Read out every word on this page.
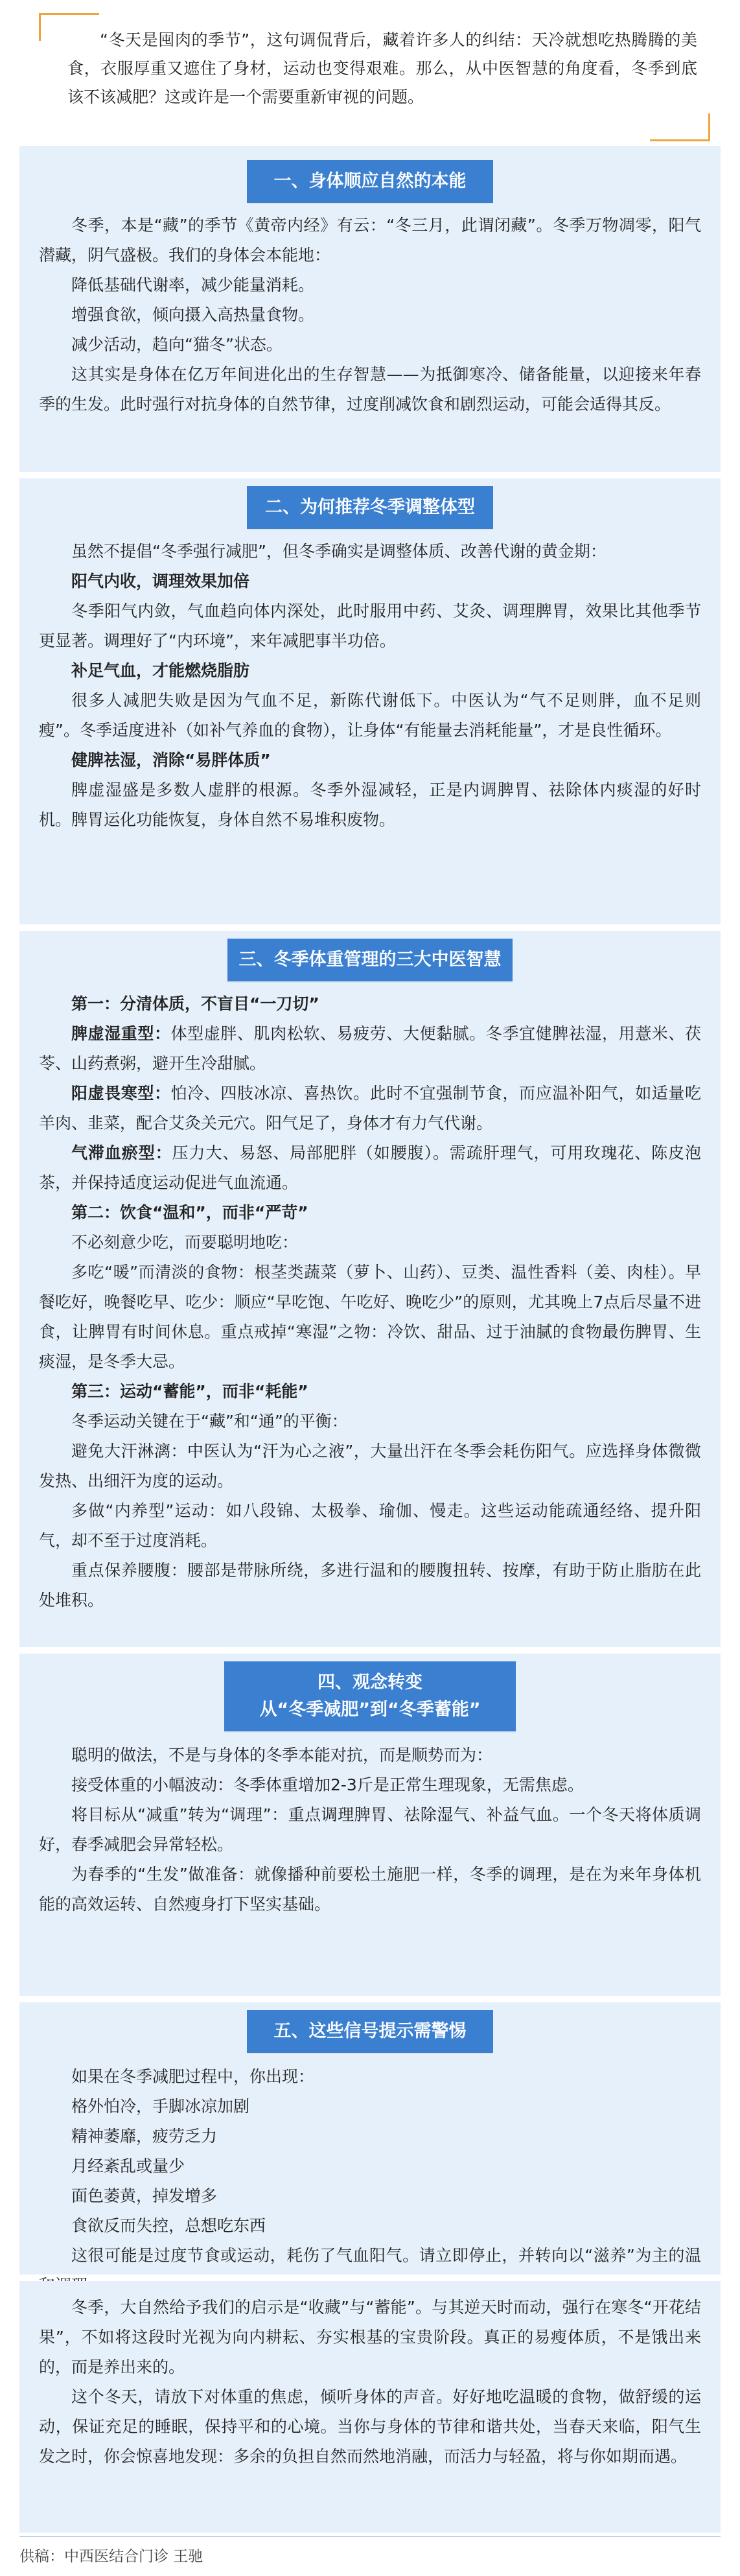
“冬天是囤肉的季节”，这句调侃背后，藏着许多人的纠结：天冷就想吃热腾腾的美食，衣服厚重又遮住了身材，运动也变得艰难。那么，从中医智慧的角度看，冬季到底该不该减肥？这或许是一个需要重新审视的问题。

一、身体顺应自然的本能

冬季，本是“藏”的季节《黄帝内经》有云：“冬三月，此谓闭藏”。冬季万物凋零，阳气潜藏，阴气盛极。我们的身体会本能地：

降低基础代谢率，减少能量消耗。

增强食欲，倾向摄入高热量食物。

减少活动，趋向“猫冬”状态。

这其实是身体在亿万年间进化出的生存智慧——为抵御寒冷、储备能量，以迎接来年春季的生发。此时强行对抗身体的自然节律，过度削减饮食和剧烈运动，可能会适得其反。

二、为何推荐冬季调整体型

虽然不提倡“冬季强行减肥”，但冬季确实是调整体质、改善代谢的黄金期：

阳气内收，调理效果加倍

冬季阳气内敛，气血趋向体内深处，此时服用中药、艾灸、调理脾胃，效果比其他季节更显著。调理好了“内环境”，来年减肥事半功倍。

补足气血，才能燃烧脂肪

很多人减肥失败是因为气血不足，新陈代谢低下。中医认为“气不足则胖，血不足则瘦”。冬季适度进补（如补气养血的食物），让身体“有能量去消耗能量”，才是良性循环。

健脾祛湿，消除“易胖体质”

脾虚湿盛是多数人虚胖的根源。冬季外湿减轻，正是内调脾胃、祛除体内痰湿的好时机。脾胃运化功能恢复，身体自然不易堆积废物。

三、冬季体重管理的三大中医智慧

第一：分清体质，不盲目“一刀切”

脾虚湿重型：体型虚胖、肌肉松软、易疲劳、大便黏腻。冬季宜健脾祛湿，用薏米、茯苓、山药煮粥，避开生冷甜腻。

阳虚畏寒型：怕冷、四肢冰凉、喜热饮。此时不宜强制节食，而应温补阳气，如适量吃羊肉、韭菜，配合艾灸关元穴。阳气足了，身体才有力气代谢。

气滞血瘀型：压力大、易怒、局部肥胖（如腰腹）。需疏肝理气，可用玫瑰花、陈皮泡茶，并保持适度运动促进气血流通。

第二：饮食“温和”，而非“严苛”

不必刻意少吃，而要聪明地吃：

多吃“暖”而清淡的食物：根茎类蔬菜（萝卜、山药）、豆类、温性香料（姜、肉桂）。早餐吃好，晚餐吃早、吃少：顺应“早吃饱、午吃好、晚吃少”的原则，尤其晚上7点后尽量不进食，让脾胃有时间休息。重点戒掉“寒湿”之物：冷饮、甜品、过于油腻的食物最伤脾胃、生痰湿，是冬季大忌。

第三：运动“蓄能”，而非“耗能”

冬季运动关键在于“藏”和“通”的平衡：

避免大汗淋漓：中医认为“汗为心之液”，大量出汗在冬季会耗伤阳气。应选择身体微微发热、出细汗为度的运动。

多做“内养型”运动：如八段锦、太极拳、瑜伽、慢走。这些运动能疏通经络、提升阳气，却不至于过度消耗。

重点保养腰腹：腰部是带脉所绕，多进行温和的腰腹扭转、按摩，有助于防止脂肪在此处堆积。

四、观念转变
从“冬季减肥”到“冬季蓄能”

聪明的做法，不是与身体的冬季本能对抗，而是顺势而为：

接受体重的小幅波动：冬季体重增加2-3斤是正常生理现象，无需焦虑。

将目标从“减重”转为“调理”：重点调理脾胃、祛除湿气、补益气血。一个冬天将体质调好，春季减肥会异常轻松。

为春季的“生发”做准备：就像播种前要松土施肥一样，冬季的调理，是在为来年身体机能的高效运转、自然瘦身打下坚实基础。

五、这些信号提示需警惕

如果在冬季减肥过程中，你出现：

格外怕冷，手脚冰凉加剧

精神萎靡，疲劳乏力

月经紊乱或量少

面色萎黄，掉发增多

食欲反而失控，总想吃东西

这很可能是过度节食或运动，耗伤了气血阳气。请立即停止，并转向以“滋养”为主的温

冬季，大自然给予我们的启示是“收藏”与“蓄能”。与其逆天时而动，强行在寒冬“开花结果”，不如将这段时光视为向内耕耘、夯实根基的宝贵阶段。真正的易瘦体质，不是饿出来的，而是养出来的。

这个冬天，请放下对体重的焦虑，倾听身体的声音。好好地吃温暖的食物，做舒缓的运动，保证充足的睡眠，保持平和的心境。当你与身体的节律和谐共处，当春天来临，阳气生发之时，你会惊喜地发现：多余的负担自然而然地消融，而活力与轻盈，将与你如期而遇。

供稿：中西医结合门诊 王驰
